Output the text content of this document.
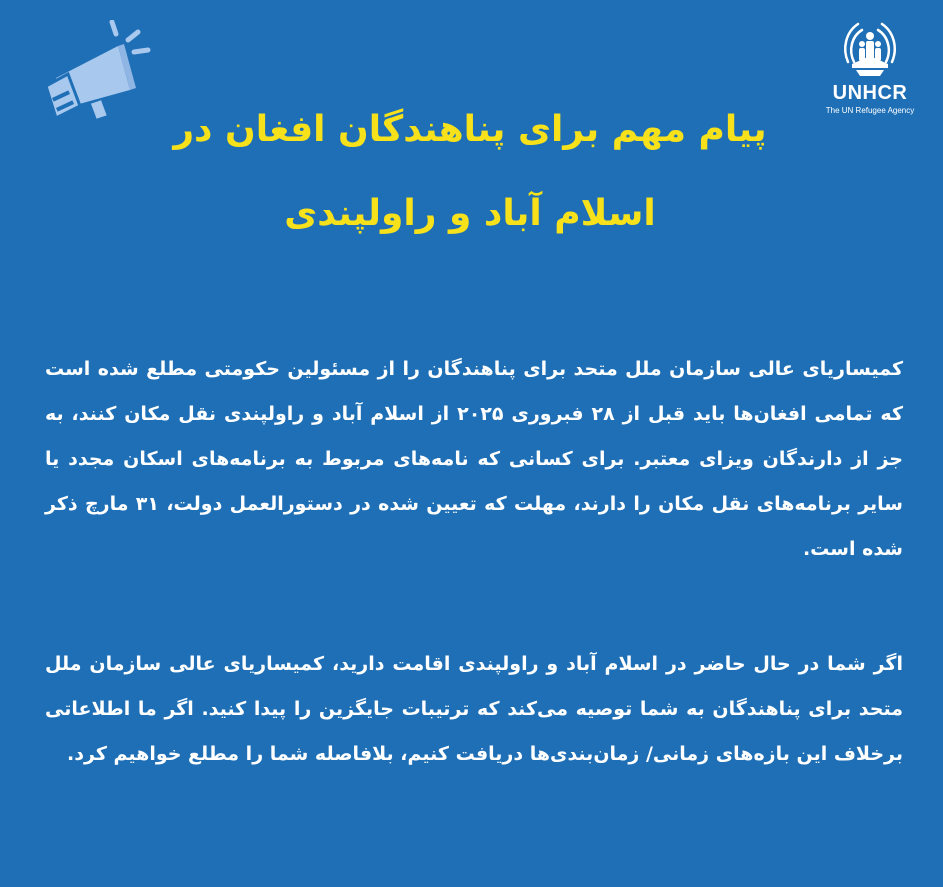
UNHCR
The UN Refugee Agency
پیام مهم برای پناهندگان افغان در
اسلام آباد و راولپندی

کمیساریای عالی سازمان ملل متحد برای پناهندگان را از مسئولین حکومتی مطلع شده است که تمامی افغان‌ها باید قبل از ۲۸ فبروری ۲۰۲۵ از اسلام آباد و راولپندی نقل مکان کنند، به جز از دارندگان ویزای معتبر. برای کسانی که نامه‌های مربوط به برنامه‌های اسکان مجدد یا سایر برنامه‌های نقل مکان را دارند، مهلت که تعیین شده در دستورالعمل دولت، ۳۱ مارچ ذکر شده است.

اگر شما در حال حاضر در اسلام آباد و راولپندی اقامت دارید، کمیساریای عالی سازمان ملل متحد برای پناهندگان به شما توصیه می‌کند که ترتیبات جایگزین را پیدا کنید. اگر ما اطلاعاتی برخلاف این بازه‌های زمانی/ زمان‌بندی‌ها دریافت کنیم، بلافاصله شما را مطلع خواهیم کرد.
